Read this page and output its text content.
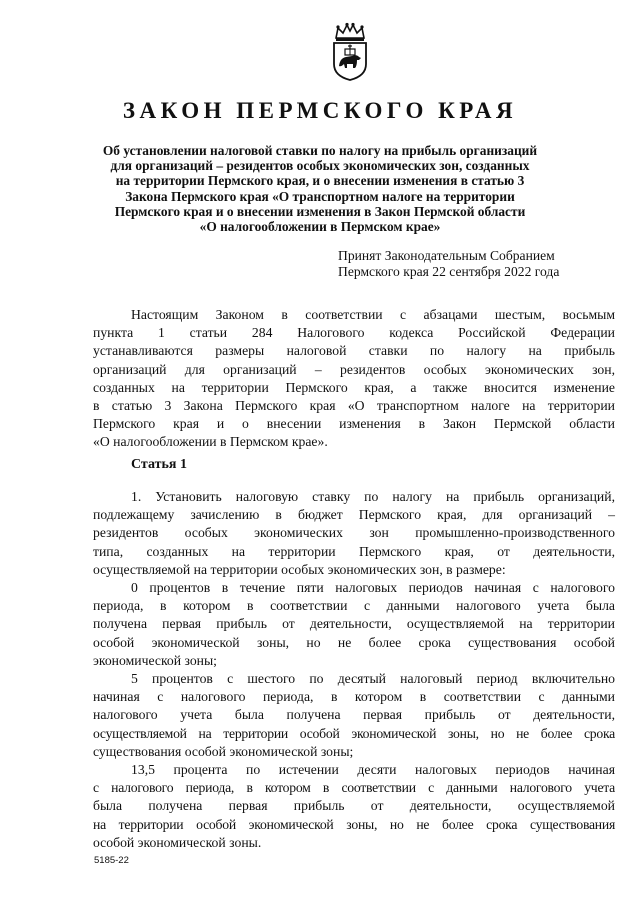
ЗАКОН ПЕРМСКОГО КРАЯ
Об установлении налоговой ставки по налогу на прибыль организаций
для организаций – резидентов особых экономических зон, созданных
на территории Пермского края, и о внесении изменения в статью 3
Закона Пермского края «О транспортном налоге на территории
Пермского края и о внесении изменения в Закон Пермской области
«О налогообложении в Пермском крае»
Принят Законодательным Собранием
Пермского края 22 сентября 2022 года

Настоящим Законом в соответствии с абзацами шестым, восьмым
пункта 1 статьи 284 Налогового кодекса Российской Федерации
устанавливаются размеры налоговой ставки по налогу на прибыль
организаций для организаций – резидентов особых экономических зон,
созданных на территории Пермского края, а также вносится изменение
в статью 3 Закона Пермского края «О транспортном налоге на территории
Пермского края и о внесении изменения в Закон Пермской области
«О налогообложении в Пермском крае».

Статья 1

1. Установить налоговую ставку по налогу на прибыль организаций,
подлежащему зачислению в бюджет Пермского края, для организаций –
резидентов особых экономических зон промышленно-производственного
типа, созданных на территории Пермского края, от деятельности,
осуществляемой на территории особых экономических зон, в размере:

0 процентов в течение пяти налоговых периодов начиная с налогового
периода, в котором в соответствии с данными налогового учета была
получена первая прибыль от деятельности, осуществляемой на территории
особой экономической зоны, но не более срока существования особой
экономической зоны;

5 процентов с шестого по десятый налоговый период включительно
начиная с налогового периода, в котором в соответствии с данными
налогового учета была получена первая прибыль от деятельности,
осуществляемой на территории особой экономической зоны, но не более срока
существования особой экономической зоны;

13,5 процента по истечении десяти налоговых периодов начиная
с налогового периода, в котором в соответствии с данными налогового учета
была получена первая прибыль от деятельности, осуществляемой
на территории особой экономической зоны, но не более срока существования
особой экономической зоны.

5185-22
